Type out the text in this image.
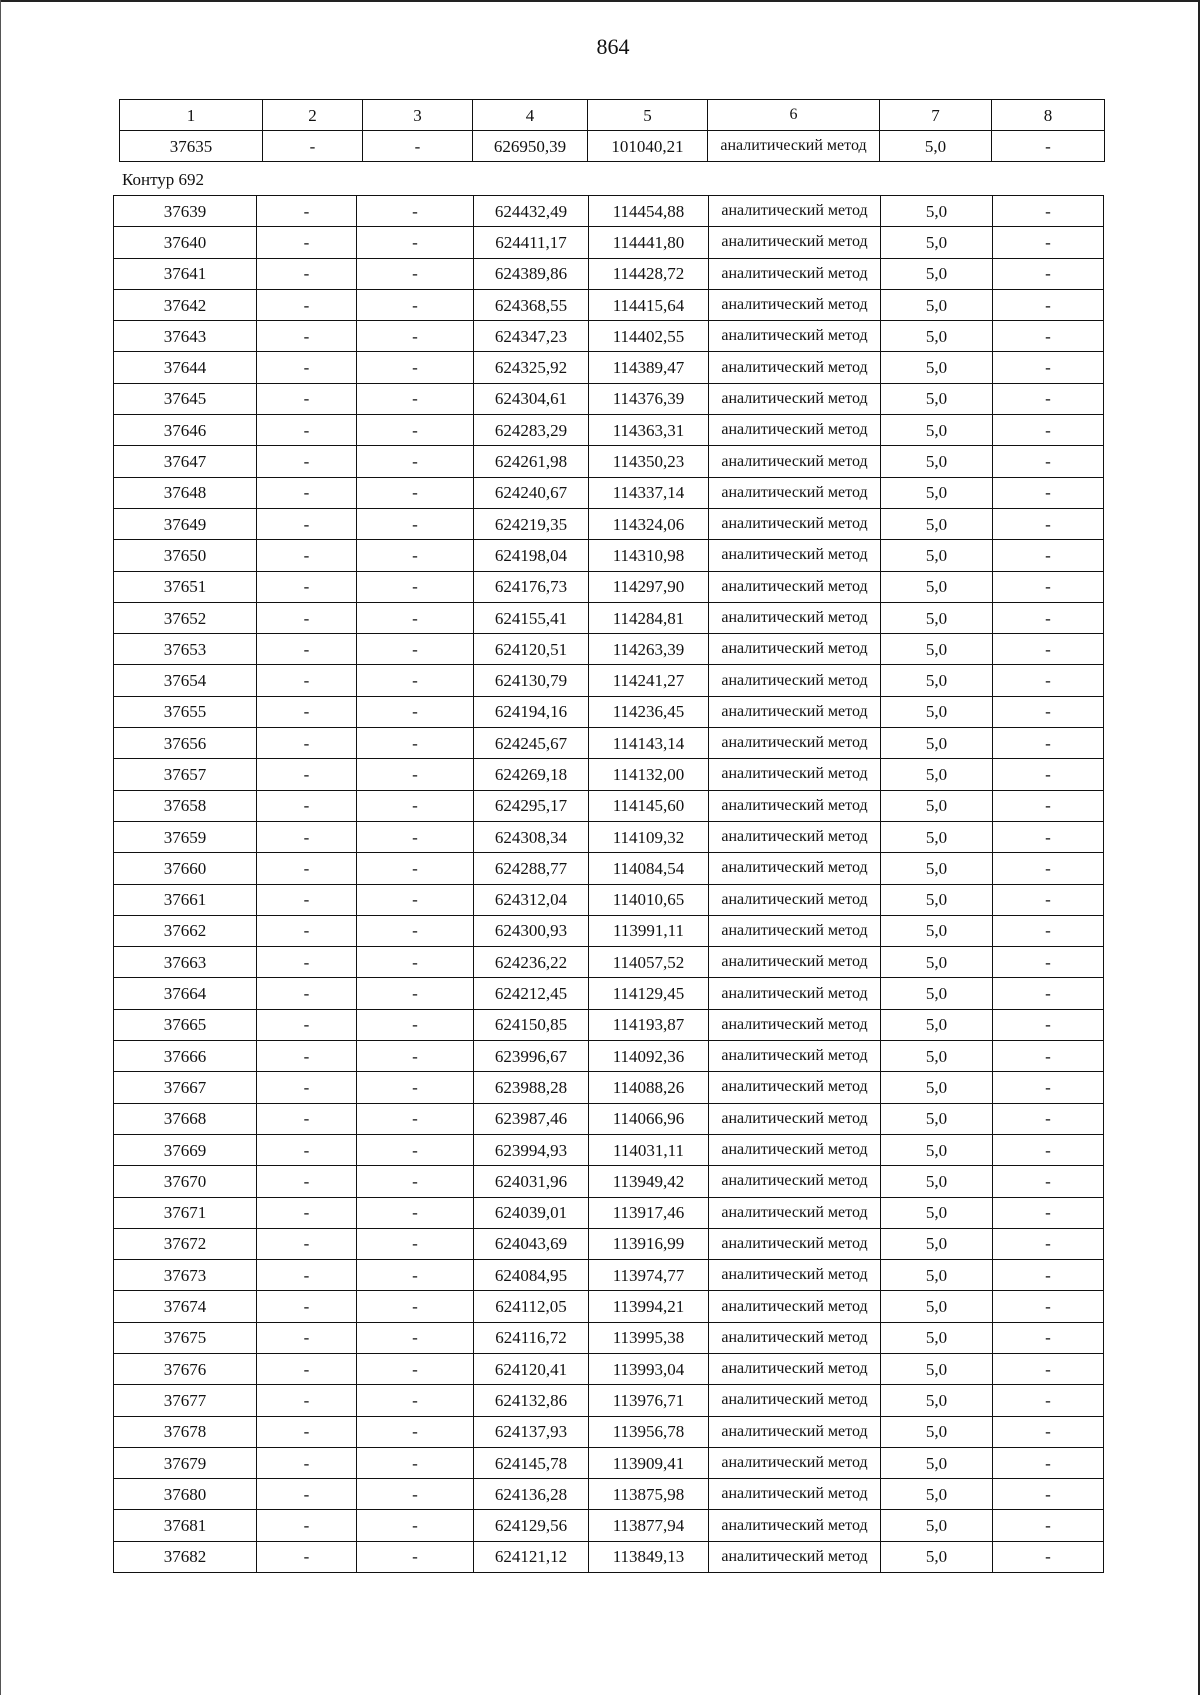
864
1	2	3	4	5	6	7	8
37635	-	-	626950,39	101040,21	аналитический метод	5,0	-
Контур 692
37639	-	-	624432,49	114454,88	аналитический метод	5,0	-
37640	-	-	624411,17	114441,80	аналитический метод	5,0	-
37641	-	-	624389,86	114428,72	аналитический метод	5,0	-
37642	-	-	624368,55	114415,64	аналитический метод	5,0	-
37643	-	-	624347,23	114402,55	аналитический метод	5,0	-
37644	-	-	624325,92	114389,47	аналитический метод	5,0	-
37645	-	-	624304,61	114376,39	аналитический метод	5,0	-
37646	-	-	624283,29	114363,31	аналитический метод	5,0	-
37647	-	-	624261,98	114350,23	аналитический метод	5,0	-
37648	-	-	624240,67	114337,14	аналитический метод	5,0	-
37649	-	-	624219,35	114324,06	аналитический метод	5,0	-
37650	-	-	624198,04	114310,98	аналитический метод	5,0	-
37651	-	-	624176,73	114297,90	аналитический метод	5,0	-
37652	-	-	624155,41	114284,81	аналитический метод	5,0	-
37653	-	-	624120,51	114263,39	аналитический метод	5,0	-
37654	-	-	624130,79	114241,27	аналитический метод	5,0	-
37655	-	-	624194,16	114236,45	аналитический метод	5,0	-
37656	-	-	624245,67	114143,14	аналитический метод	5,0	-
37657	-	-	624269,18	114132,00	аналитический метод	5,0	-
37658	-	-	624295,17	114145,60	аналитический метод	5,0	-
37659	-	-	624308,34	114109,32	аналитический метод	5,0	-
37660	-	-	624288,77	114084,54	аналитический метод	5,0	-
37661	-	-	624312,04	114010,65	аналитический метод	5,0	-
37662	-	-	624300,93	113991,11	аналитический метод	5,0	-
37663	-	-	624236,22	114057,52	аналитический метод	5,0	-
37664	-	-	624212,45	114129,45	аналитический метод	5,0	-
37665	-	-	624150,85	114193,87	аналитический метод	5,0	-
37666	-	-	623996,67	114092,36	аналитический метод	5,0	-
37667	-	-	623988,28	114088,26	аналитический метод	5,0	-
37668	-	-	623987,46	114066,96	аналитический метод	5,0	-
37669	-	-	623994,93	114031,11	аналитический метод	5,0	-
37670	-	-	624031,96	113949,42	аналитический метод	5,0	-
37671	-	-	624039,01	113917,46	аналитический метод	5,0	-
37672	-	-	624043,69	113916,99	аналитический метод	5,0	-
37673	-	-	624084,95	113974,77	аналитический метод	5,0	-
37674	-	-	624112,05	113994,21	аналитический метод	5,0	-
37675	-	-	624116,72	113995,38	аналитический метод	5,0	-
37676	-	-	624120,41	113993,04	аналитический метод	5,0	-
37677	-	-	624132,86	113976,71	аналитический метод	5,0	-
37678	-	-	624137,93	113956,78	аналитический метод	5,0	-
37679	-	-	624145,78	113909,41	аналитический метод	5,0	-
37680	-	-	624136,28	113875,98	аналитический метод	5,0	-
37681	-	-	624129,56	113877,94	аналитический метод	5,0	-
37682	-	-	624121,12	113849,13	аналитический метод	5,0	-
